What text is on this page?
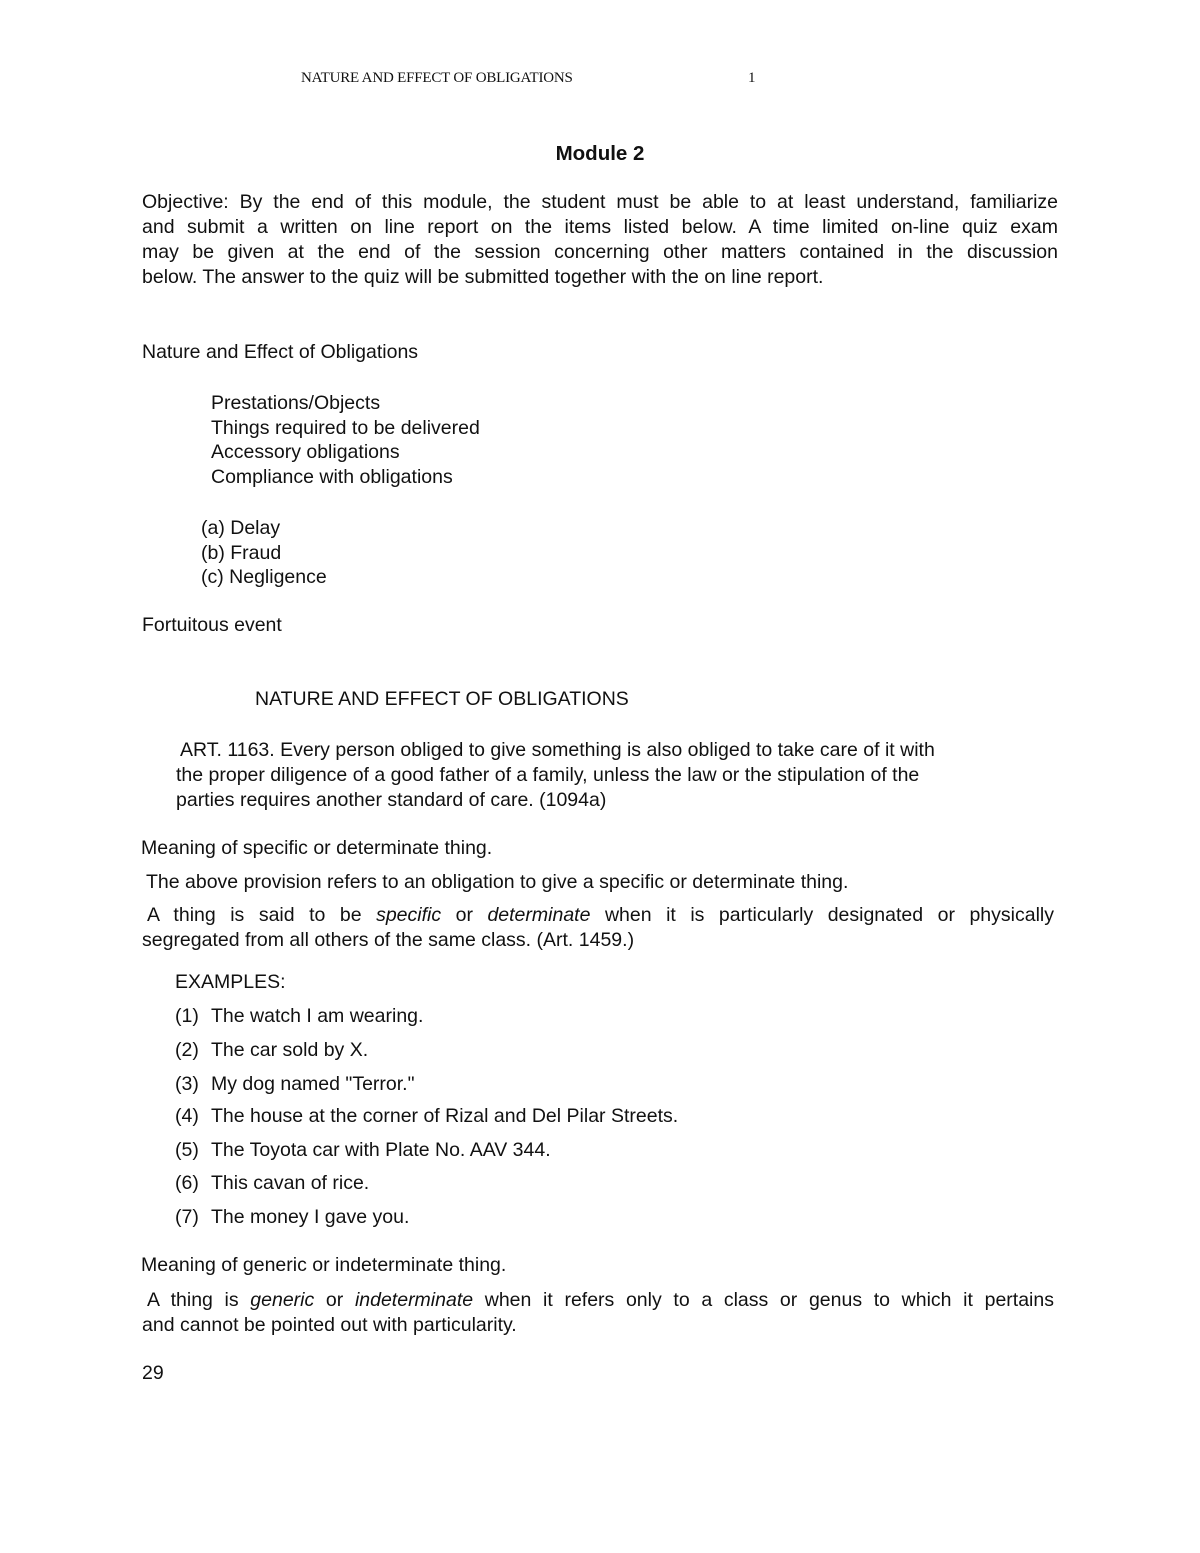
NATURE AND EFFECT OF OBLIGATIONS	1

Module 2

Objective: By the end of this module, the student must be able to at least understand, familiarize
and submit a written on line report on the items listed below. A time limited on-line quiz exam
may be given at the end of the session concerning other matters contained in the discussion
below. The answer to the quiz will be submitted together with the on line report.

Nature and Effect of Obligations

Prestations/Objects
Things required to be delivered
Accessory obligations
Compliance with obligations
(a) Delay
(b) Fraud
(c) Negligence

Fortuitous event

NATURE AND EFFECT OF OBLIGATIONS

ART. 1163. Every person obliged to give something is also obliged to take care of it with
the proper diligence of a good father of a family, unless the law or the stipulation of the
parties requires another standard of care. (1094a)

Meaning of specific or determinate thing.

The above provision refers to an obligation to give a specific or determinate thing.

A thing is said to be specific or determinate when it is particularly designated or physically
segregated from all others of the same class. (Art. 1459.)

EXAMPLES:

(1) The watch I am wearing.
(2) The car sold by X.
(3) My dog named "Terror."
(4) The house at the corner of Rizal and Del Pilar Streets.
(5) The Toyota car with Plate No. AAV 344.
(6) This cavan of rice.
(7) The money I gave you.

Meaning of generic or indeterminate thing.

A thing is generic or indeterminate when it refers only to a class or genus to which it pertains
and cannot be pointed out with particularity.

29
